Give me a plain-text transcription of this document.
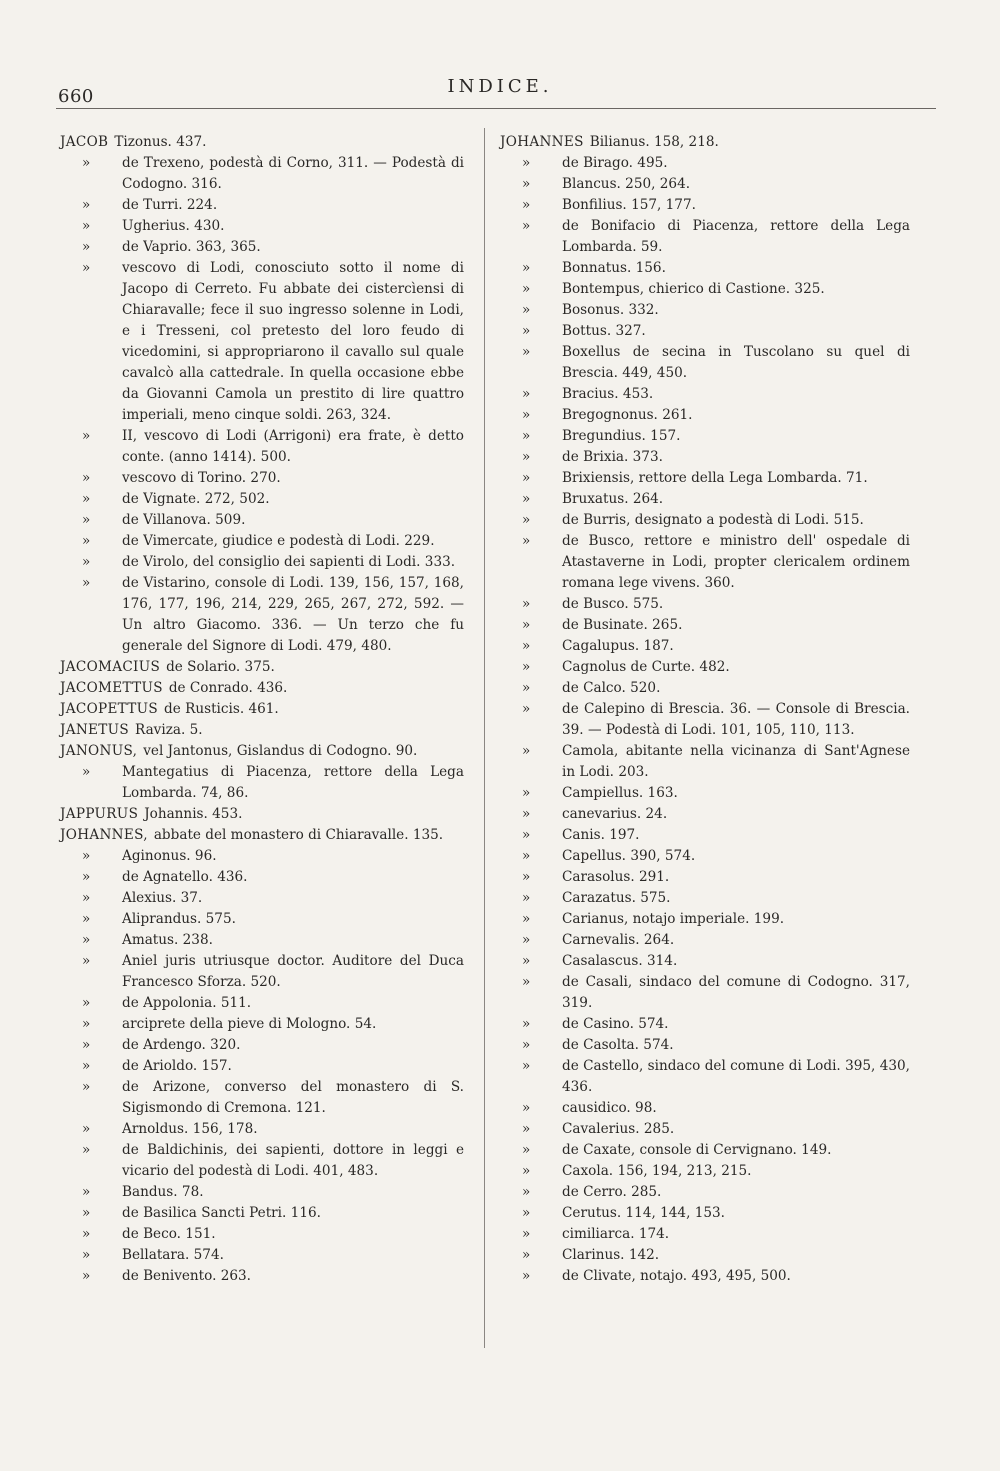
660	INDICE.
JACOB Tizonus. 437.
»	de Trexeno, podestà di Corno, 311. — Podestà di Codogno. 316.
»	de Turri. 224.
»	Ugherius. 430.
»	de Vaprio. 363, 365.
»	vescovo di Lodi, conosciuto sotto il nome di Jacopo di Cerreto. Fu abbate dei cistercìensi di Chiaravalle; fece il suo ingresso solenne in Lodi, e i Tresseni, col pretesto del loro feudo di vicedomini, si appropriarono il cavallo sul quale cavalcò alla cattedrale. In quella occasione ebbe da Giovanni Camola un prestito di lire quattro imperiali, meno cinque soldi. 263, 324.
»	II, vescovo di Lodi (Arrigoni) era frate, è detto conte. (anno 1414). 500.
»	vescovo di Torino. 270.
»	de Vignate. 272, 502.
»	de Villanova. 509.
»	de Vimercate, giudice e podestà di Lodi. 229.
»	de Virolo, del consiglio dei sapienti di Lodi. 333.
»	de Vistarino, console di Lodi. 139, 156, 157, 168, 176, 177, 196, 214, 229, 265, 267, 272, 592. — Un altro Giacomo. 336. — Un terzo che fu generale del Signore di Lodi. 479, 480.
JACOMACIUS de Solario. 375.
JACOMETTUS de Conrado. 436.
JACOPETTUS de Rusticis. 461.
JANETUS Raviza. 5.
JANONUS, vel Jantonus, Gislandus di Codogno. 90.
»	Mantegatius di Piacenza, rettore della Lega Lombarda. 74, 86.
JAPPURUS Johannis. 453.
JOHANNES, abbate del monastero di Chiaravalle. 135.
»	Aginonus. 96.
»	de Agnatello. 436.
»	Alexius. 37.
»	Aliprandus. 575.
»	Amatus. 238.
»	Aniel juris utriusque doctor. Auditore del Duca Francesco Sforza. 520.
»	de Appolonia. 511.
»	arciprete della pieve di Mologno. 54.
»	de Ardengo. 320.
»	de Arioldo. 157.
»	de Arizone, converso del monastero di S. Sigismondo di Cremona. 121.
»	Arnoldus. 156, 178.
»	de Baldichinis, dei sapienti, dottore in leggi e vicario del podestà di Lodi. 401, 483.
»	Bandus. 78.
»	de Basilica Sancti Petri. 116.
»	de Beco. 151.
»	Bellatara. 574.
»	de Benivento. 263.
JOHANNES Bilianus. 158, 218.
»	de Birago. 495.
»	Blancus. 250, 264.
»	Bonfilius. 157, 177.
»	de Bonifacio di Piacenza, rettore della Lega Lombarda. 59.
»	Bonnatus. 156.
»	Bontempus, chierico di Castione. 325.
»	Bosonus. 332.
»	Bottus. 327.
»	Boxellus de secina in Tuscolano su quel di Brescia. 449, 450.
»	Bracius. 453.
»	Bregognonus. 261.
»	Bregundius. 157.
»	de Brixia. 373.
»	Brixiensis, rettore della Lega Lombarda. 71.
»	Bruxatus. 264.
»	de Burris, designato a podestà di Lodi. 515.
»	de Busco, rettore e ministro dell' ospedale di Atastaverne in Lodi, propter clericalem ordinem romana lege vivens. 360.
»	de Busco. 575.
»	de Businate. 265.
»	Cagalupus. 187.
»	Cagnolus de Curte. 482.
»	de Calco. 520.
»	de Calepino di Brescia. 36. — Console di Brescia. 39. — Podestà di Lodi. 101, 105, 110, 113.
»	Camola, abitante nella vicinanza di Sant'Agnese in Lodi. 203.
»	Campiellus. 163.
»	canevarius. 24.
»	Canis. 197.
»	Capellus. 390, 574.
»	Carasolus. 291.
»	Carazatus. 575.
»	Carianus, notajo imperiale. 199.
»	Carnevalis. 264.
»	Casalascus. 314.
»	de Casali, sindaco del comune di Codogno. 317, 319.
»	de Casino. 574.
»	de Casolta. 574.
»	de Castello, sindaco del comune di Lodi. 395, 430, 436.
»	causidico. 98.
»	Cavalerius. 285.
»	de Caxate, console di Cervignano. 149.
»	Caxola. 156, 194, 213, 215.
»	de Cerro. 285.
»	Cerutus. 114, 144, 153.
»	cimiliarca. 174.
»	Clarinus. 142.
»	de Clivate, notajo. 493, 495, 500.
